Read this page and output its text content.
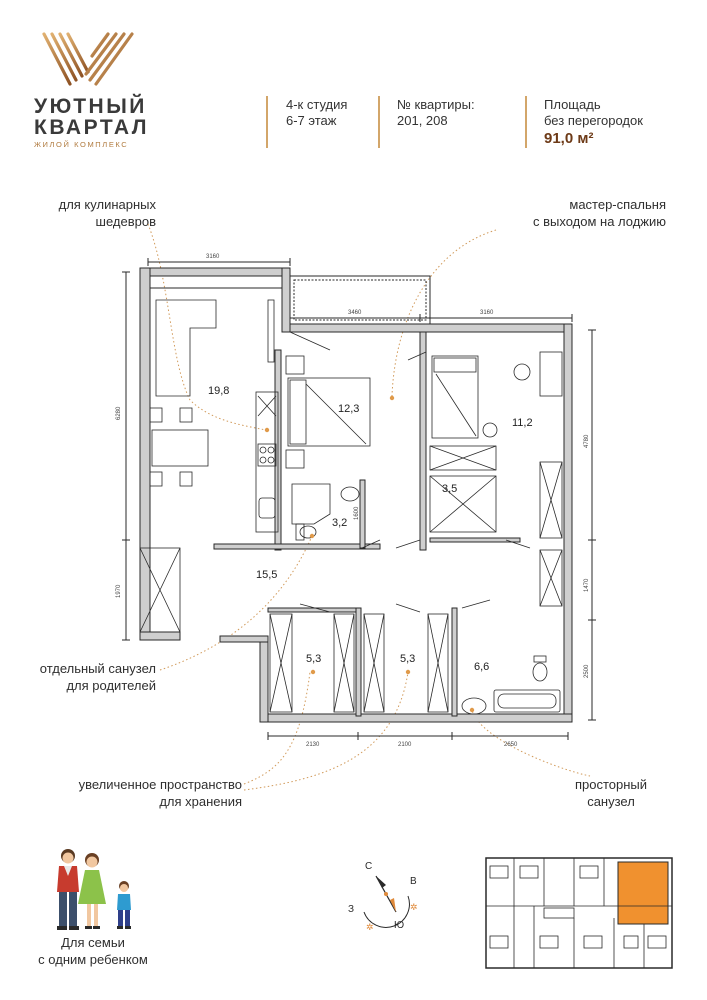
УЮТНЫЙ
КВАРТАЛ
ЖИЛОЙ КОМПЛЕКС
4-к студия
6-7 этаж
№ квартиры:
201, 208
Площадь
без перегородок
91,0 м²
для кулинарных
шедевров
мастер-спальня
с выходом на лоджию
отдельный санузел
для родителей
увеличенное пространство
для хранения
просторный
санузел
19,8
12,3
3,2
3,5
11,2
15,5
5,3	5,3
6,6
3160
3460	3160
6280
1970
4780
1470
2500
2130	2100	2650
1600
С
В
Ю
З	✲
✲
Для семьи
с одним ребенком
